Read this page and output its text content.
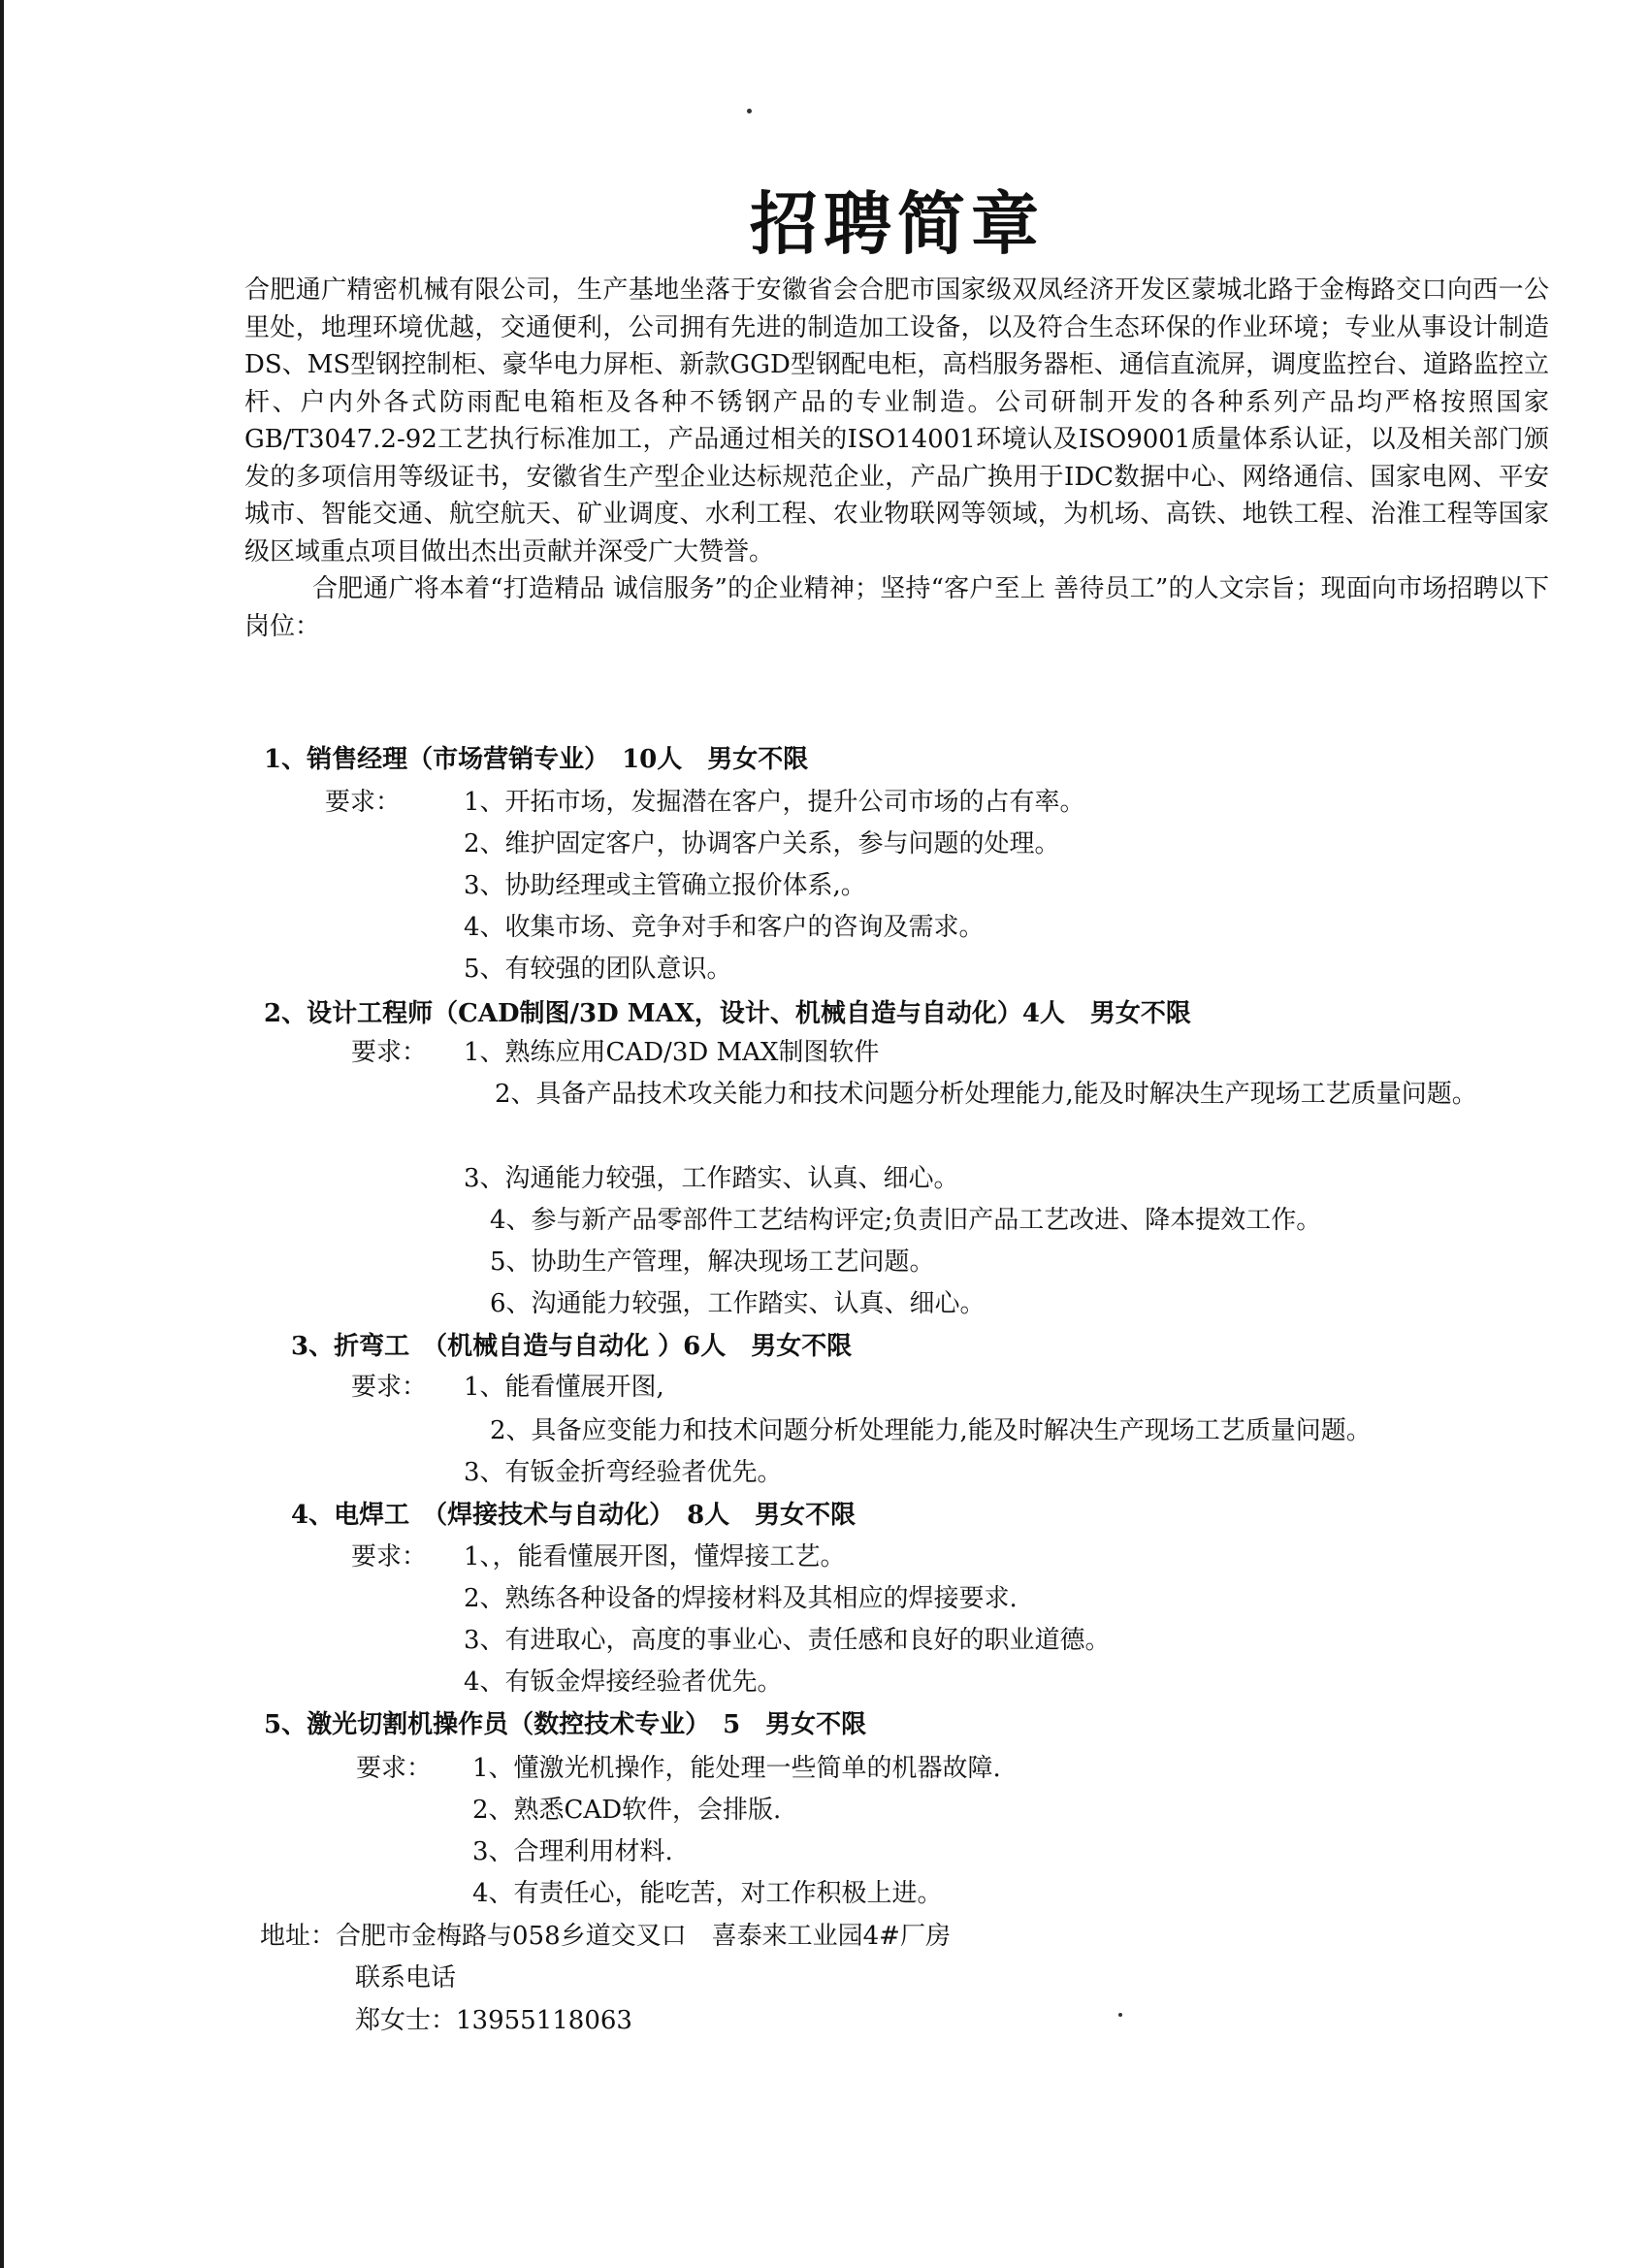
招聘简章

合肥通广精密机械有限公司，生产基地坐落于安徽省会合肥市国家级双凤经济开发区蒙城北路于金梅路交口向西一公里处，地理环境优越，交通便利，公司拥有先进的制造加工设备，以及符合生态环保的作业环境；专业从事设计制造DS、MS型钢控制柜、豪华电力屏柜、新款GGD型钢配电柜，高档服务器柜、通信直流屏，调度监控台、道路监控立杆、户内外各式防雨配电箱柜及各种不锈钢产品的专业制造。公司研制开发的各种系列产品均严格按照国家GB/T3047.2-92工艺执行标准加工，产品通过相关的ISO14001环境认及ISO9001质量体系认证，以及相关部门颁发的多项信用等级证书，安徽省生产型企业达标规范企业，产品广换用于IDC数据中心、网络通信、国家电网、平安城市、智能交通、航空航天、矿业调度、水利工程、农业物联网等领域，为机场、高铁、地铁工程、治淮工程等国家级区域重点项目做出杰出贡献并深受广大赞誉。

合肥通广将本着“打造精品 诚信服务”的企业精神；坚持“客户至上 善待员工”的人文宗旨；现面向市场招聘以下岗位：

1、销售经理（市场营销专业）　10人　男女不限
要求： 1、开拓市场，发掘潜在客户，提升公司市场的占有率。
2、维护固定客户，协调客户关系，参与问题的处理。
3、协助经理或主管确立报价体系,。
4、收集市场、竞争对手和客户的咨询及需求。
5、有较强的团队意识。
2、设计工程师（CAD制图/3D MAX，设计、机械自造与自动化）4人　男女不限
要求： 1、熟练应用CAD/3D MAX制图软件
2、具备产品技术攻关能力和技术问题分析处理能力,能及时解决生产现场工艺质量问题。
3、沟通能力较强，工作踏实、认真、细心。
4、参与新产品零部件工艺结构评定;负责旧产品工艺改进、降本提效工作。
5、协助生产管理，解决现场工艺问题。
6、沟通能力较强，工作踏实、认真、细心。
3、折弯工　（机械自造与自动化 ）6人　男女不限
要求： 1、能看懂展开图,
2、具备应变能力和技术问题分析处理能力,能及时解决生产现场工艺质量问题。
3、有钣金折弯经验者优先。
4、电焊工　（焊接技术与自动化）　8人　男女不限
要求： 1、，能看懂展开图，懂焊接工艺。
2、熟练各种设备的焊接材料及其相应的焊接要求.
3、有进取心，高度的事业心、责任感和良好的职业道德。
4、有钣金焊接经验者优先。
5、激光切割机操作员（数控技术专业）　5　男女不限
要求： 1、懂激光机操作，能处理一些简单的机器故障.
2、熟悉CAD软件，会排版.
3、合理利用材料.
4、有责任心，能吃苦，对工作积极上进。
地址：合肥市金梅路与058乡道交叉口　喜泰来工业园4#厂房
联系电话
郑女士：13955118063
